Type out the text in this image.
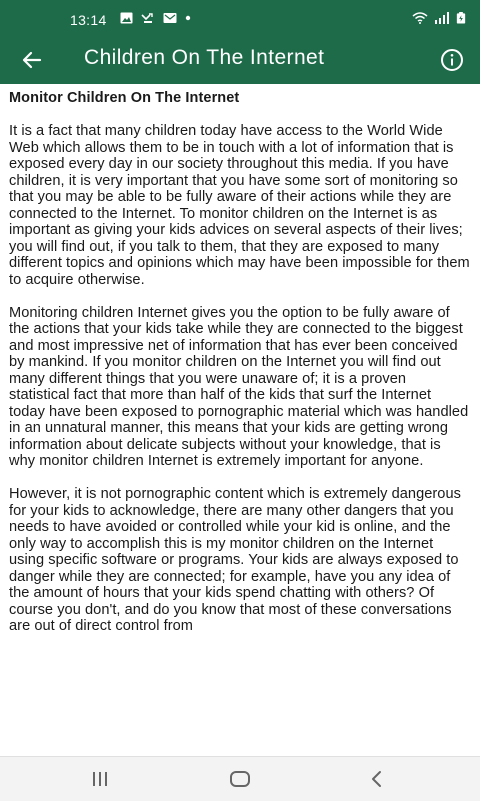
13:14
Children On The Internet
Monitor Children On The Internet

It is a fact that many children today have access to the World Wide Web which allows them to be in touch with a lot of information that is exposed every day in our society throughout this media. If you have children, it is very important that you have some sort of monitoring so that you may be able to be fully aware of their actions while they are connected to the Internet. To monitor children on the Internet is as important as giving your kids advices on several aspects of their lives; you will find out, if you talk to them, that they are exposed to many different topics and opinions which may have been impossible for them to acquire otherwise.

Monitoring children Internet gives you the option to be fully aware of the actions that your kids take while they are connected to the biggest and most impressive net of information that has ever been conceived by mankind. If you monitor children on the Internet you will find out many different things that you were unaware of; it is a proven statistical fact that more than half of the kids that surf the Internet today have been exposed to pornographic material which was handled in an unnatural manner, this means that your kids are getting wrong information about delicate subjects without your knowledge, that is why monitor children Internet is extremely important for anyone.

However, it is not pornographic content which is extremely dangerous for your kids to acknowledge, there are many other dangers that you needs to have avoided or controlled while your kid is online, and the only way to accomplish this is my monitor children on the Internet using specific software or programs. Your kids are always exposed to danger while they are connected; for example, have you any idea of the amount of hours that your kids spend chatting with others? Of course you don't, and do you know that most of these conversations are out of direct control from
